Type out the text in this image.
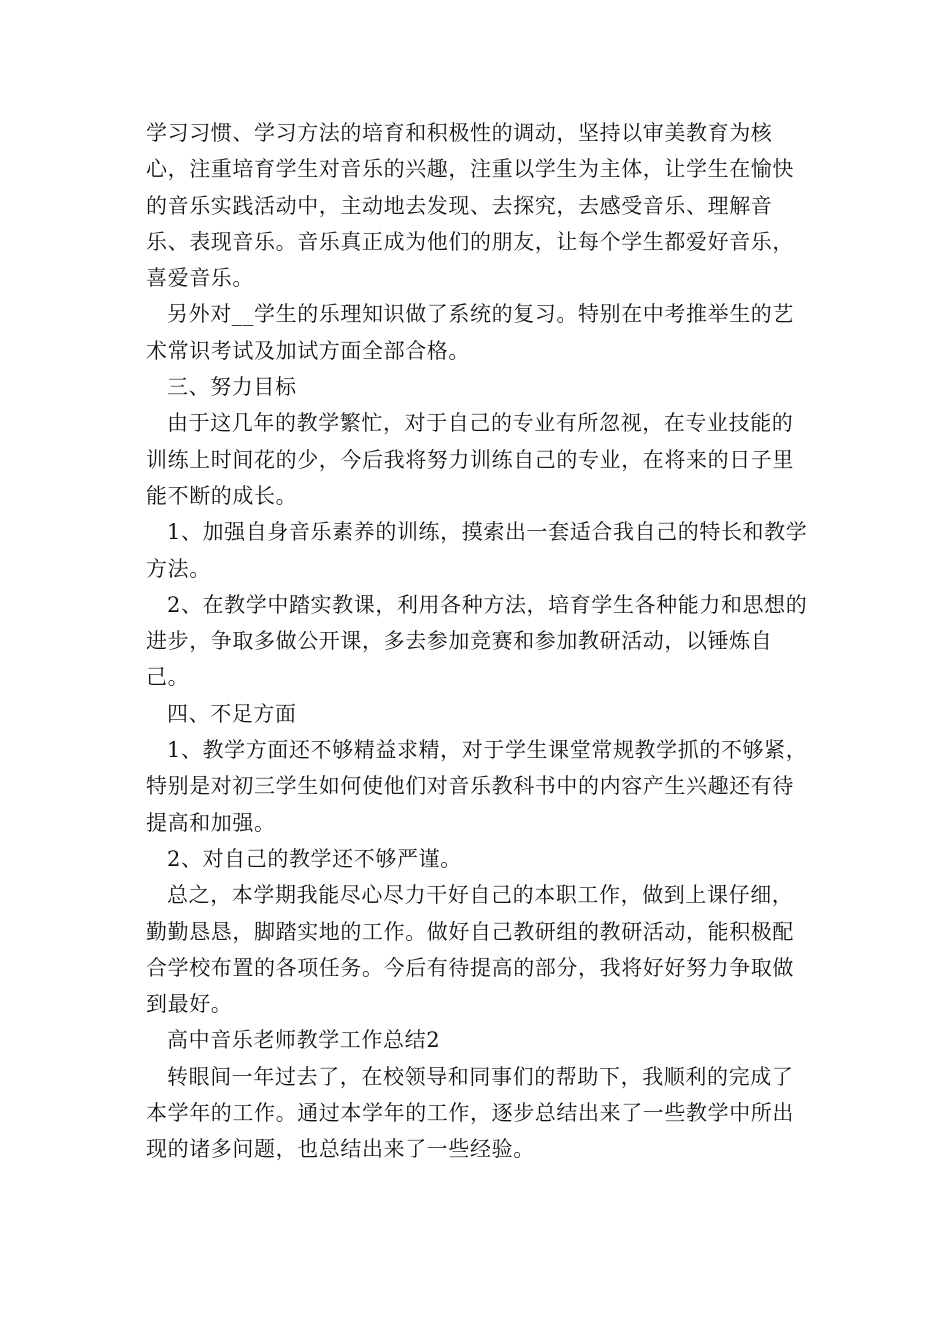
学习习惯、学习方法的培育和积极性的调动，坚持以审美教育为核心，注重培育学生对音乐的兴趣，注重以学生为主体，让学生在愉快的音乐实践活动中，主动地去发现、去探究，去感受音乐、理解音乐、表现音乐。音乐真正成为他们的朋友，让每个学生都爱好音乐，喜爱音乐。

另外对__学生的乐理知识做了系统的复习。特别在中考推举生的艺术常识考试及加试方面全部合格。

三、努力目标

由于这几年的教学繁忙，对于自己的专业有所忽视，在专业技能的训练上时间花的少，今后我将努力训练自己的专业，在将来的日子里能不断的成长。

1、加强自身音乐素养的训练，摸索出一套适合我自己的特长和教学方法。

2、在教学中踏实教课，利用各种方法，培育学生各种能力和思想的进步，争取多做公开课，多去参加竞赛和参加教研活动，以锤炼自己。

四、不足方面

1、教学方面还不够精益求精，对于学生课堂常规教学抓的不够紧，特别是对初三学生如何使他们对音乐教科书中的内容产生兴趣还有待提高和加强。

2、对自己的教学还不够严谨。

总之，本学期我能尽心尽力干好自己的本职工作，做到上课仔细，勤勤恳恳，脚踏实地的工作。做好自己教研组的教研活动，能积极配合学校布置的各项任务。今后有待提高的部分，我将好好努力争取做到最好。

高中音乐老师教学工作总结2

转眼间一年过去了，在校领导和同事们的帮助下，我顺利的完成了本学年的工作。通过本学年的工作，逐步总结出来了一些教学中所出现的诸多问题，也总结出来了一些经验。
